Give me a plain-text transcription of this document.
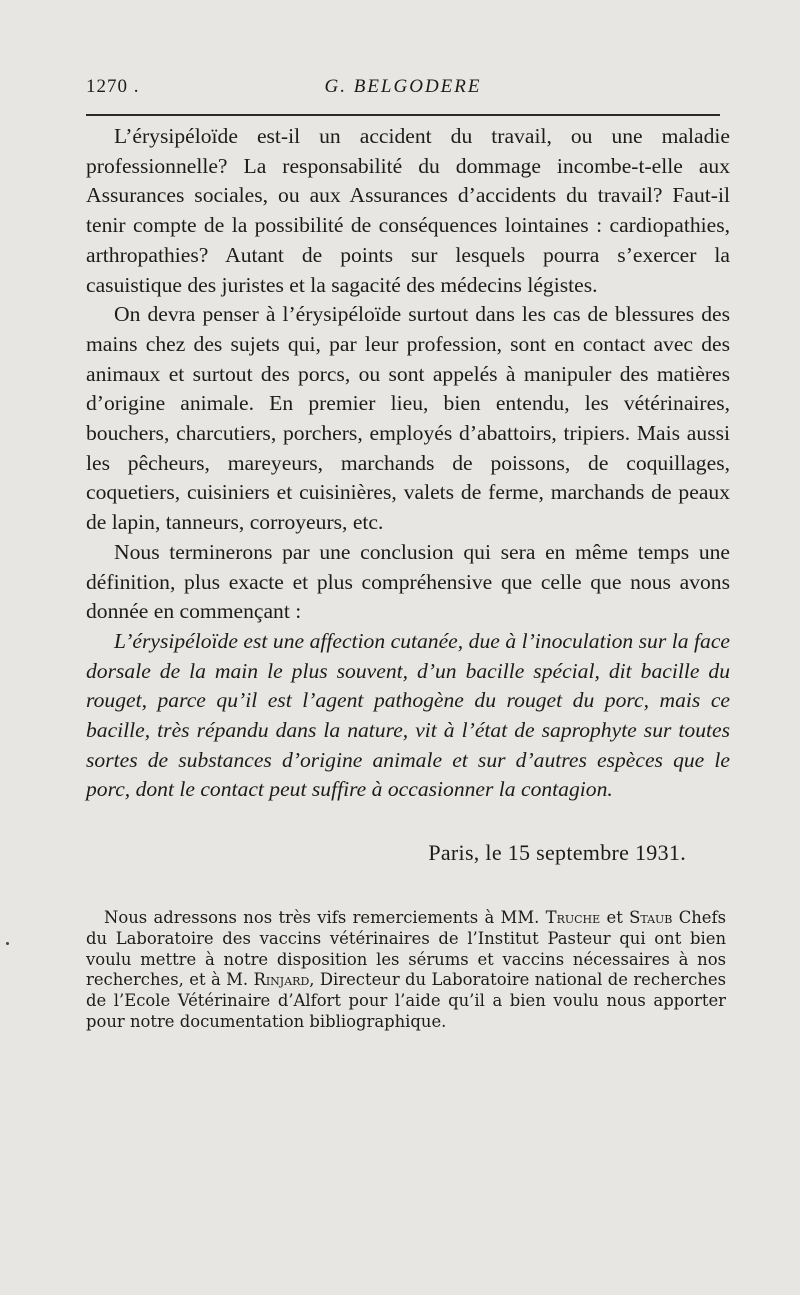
1270 .	G. BELGODERE

L’érysipéloïde est-il un accident du travail, ou une maladie professionnelle? La responsabilité du dommage incombe-t-elle aux Assurances sociales, ou aux Assurances d’accidents du travail? Faut-il tenir compte de la possibilité de conséquences lointaines : cardiopathies, arthropathies? Autant de points sur lesquels pourra s’exercer la casuistique des juristes et la sagacité des médecins légistes.

On devra penser à l’érysipéloïde surtout dans les cas de blessures des mains chez des sujets qui, par leur profession, sont en contact avec des animaux et surtout des porcs, ou sont appelés à manipuler des matières d’origine animale. En premier lieu, bien entendu, les vétérinaires, bouchers, charcutiers, porchers, employés d’abattoirs, tripiers. Mais aussi les pêcheurs, mareyeurs, marchands de poissons, de coquillages, coquetiers, cuisiniers et cuisinières, valets de ferme, marchands de peaux de lapin, tanneurs, corroyeurs, etc.

Nous terminerons par une conclusion qui sera en même temps une définition, plus exacte et plus compréhensive que celle que nous avons donnée en commençant :

L’érysipéloïde est une affection cutanée, due à l’inoculation sur la face dorsale de la main le plus souvent, d’un bacille spécial, dit bacille du rouget, parce qu’il est l’agent pathogène du rouget du porc, mais ce bacille, très répandu dans la nature, vit à l’état de saprophyte sur toutes sortes de substances d’origine animale et sur d’autres espèces que le porc, dont le contact peut suffire à occasionner la contagion.

Paris, le 15 septembre 1931.

Nous adressons nos très vifs remerciements à MM. Truche et Staub Chefs du Laboratoire des vaccins vétérinaires de l’Institut Pasteur qui ont bien voulu mettre à notre disposition les sérums et vaccins nécessaires à nos recherches, et à M. Rinjard, Directeur du Laboratoire national de recherches de l’Ecole Vétérinaire d’Alfort pour l’aide qu’il a bien voulu nous apporter pour notre documentation bibliographique.
